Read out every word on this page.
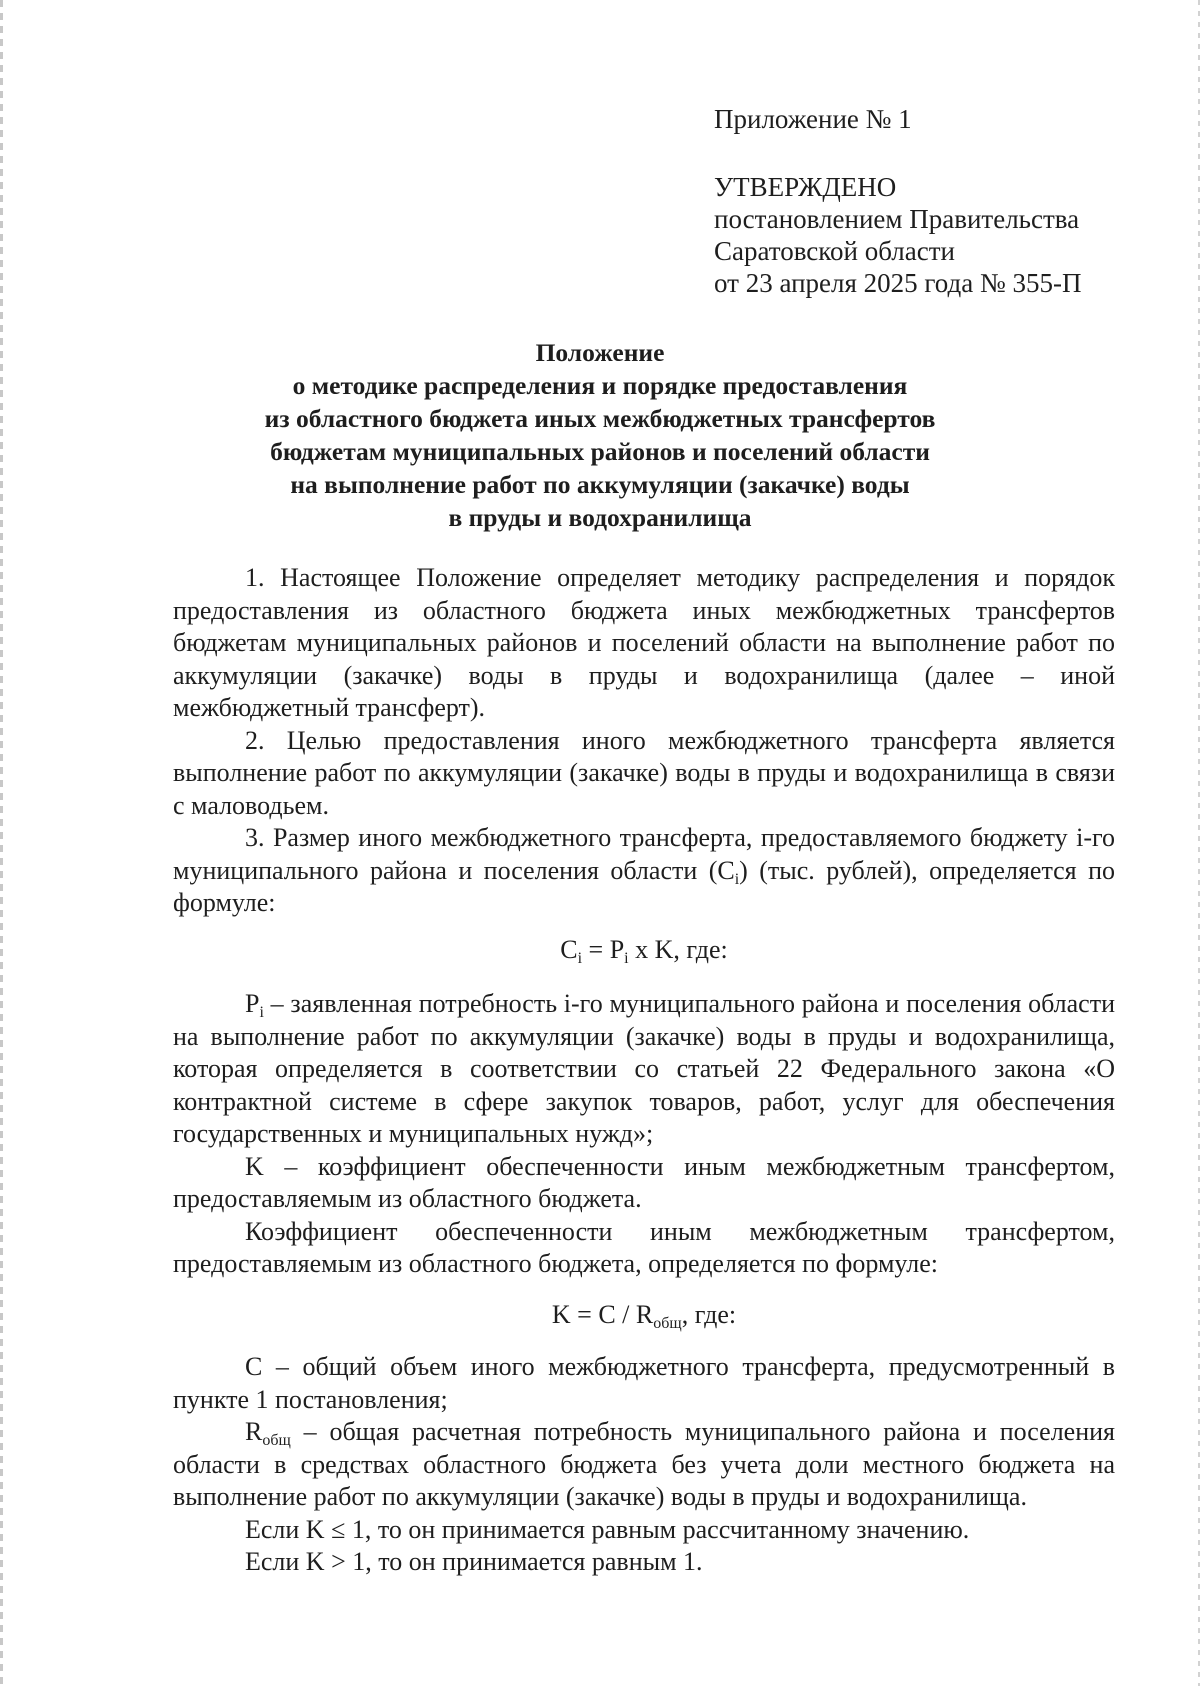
Приложение № 1
УТВЕРЖДЕНО
постановлением Правительства
Саратовской области
от 23 апреля 2025 года № 355-П
Положение
о методике распределения и порядке предоставления
из областного бюджета иных межбюджетных трансфертов
бюджетам муниципальных районов и поселений области
на выполнение работ по аккумуляции (закачке) воды
в пруды и водохранилища

1. Настоящее Положение определяет методику распределения и порядок предоставления из областного бюджета иных межбюджетных трансфертов бюджетам муниципальных районов и поселений области на выполнение работ по аккумуляции (закачке) воды в пруды и водохранилища (далее – иной межбюджетный трансферт).

2. Целью предоставления иного межбюджетного трансферта является выполнение работ по аккумуляции (закачке) воды в пруды и водохранилища в связи с маловодьем.

3. Размер иного межбюджетного трансферта, предоставляемого бюджету i-го муниципального района и поселения области $(C_i)$ (тыс. рублей), определяется по формуле:

$C_i = P_i$ x K, где:

$P_i$ – заявленная потребность i-го муниципального района и поселения области на выполнение работ по аккумуляции (закачке) воды в пруды и водохранилища, которая определяется в соответствии со статьей 22 Федерального закона «О контрактной системе в сфере закупок товаров, работ, услуг для обеспечения государственных и муниципальных нужд»;

K – коэффициент обеспеченности иным межбюджетным трансфертом, предоставляемым из областного бюджета.

Коэффициент обеспеченности иным межбюджетным трансфертом, предоставляемым из областного бюджета, определяется по формуле:

$K = C / R_{общ}$, где:

C – общий объем иного межбюджетного трансферта, предусмотренный в пункте 1 постановления;

$R_{общ}$ – общая расчетная потребность муниципального района и поселения области в средствах областного бюджета без учета доли местного бюджета на выполнение работ по аккумуляции (закачке) воды в пруды и водохранилища.

Если K ≤ 1, то он принимается равным рассчитанному значению.

Если K > 1, то он принимается равным 1.
